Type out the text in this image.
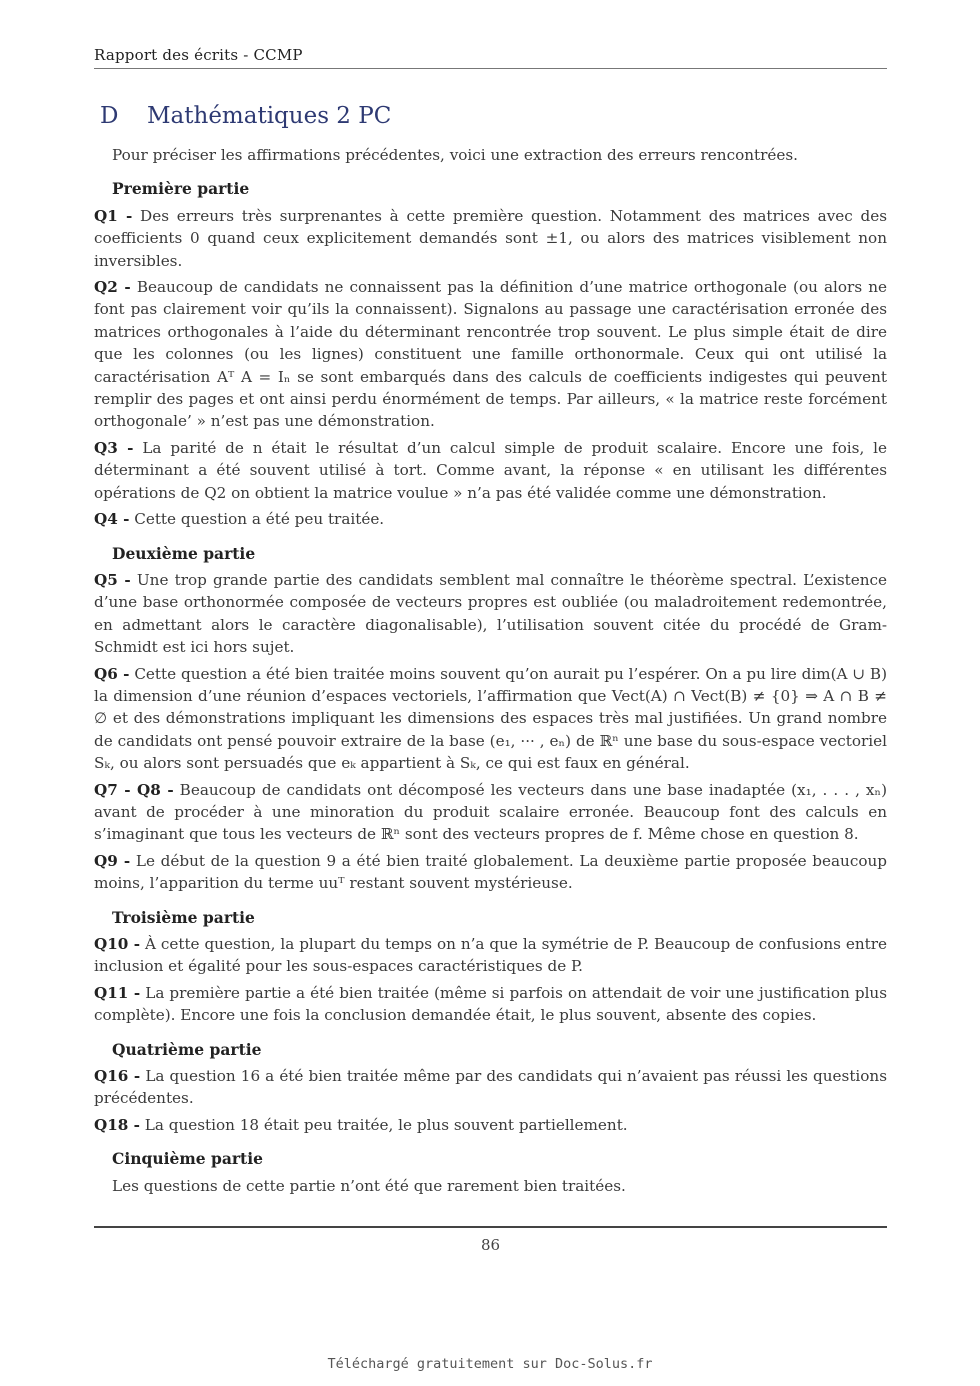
Rapport des écrits - CCMP
D Mathématiques 2 PC

Pour préciser les affirmations précédentes, voici une extraction des erreurs rencontrées.

Première partie

Q1 - Des erreurs très surprenantes à cette première question. Notamment des matrices avec des coefficients 0 quand ceux explicitement demandés sont ±1, ou alors des matrices visiblement non inversibles.

Q2 - Beaucoup de candidats ne connaissent pas la définition d’une matrice orthogonale (ou alors ne font pas clairement voir qu’ils la connaissent). Signalons au passage une caractérisation erronée des matrices orthogonales à l’aide du déterminant rencontrée trop souvent. Le plus simple était de dire que les colonnes (ou les lignes) constituent une famille orthonormale. Ceux qui ont utilisé la caractérisation Aᵀ A = Iₙ se sont embarqués dans des calculs de coefficients indigestes qui peuvent remplir des pages et ont ainsi perdu énormément de temps. Par ailleurs, « la matrice reste forcément orthogonale’ » n’est pas une démonstration.

Q3 - La parité de n était le résultat d’un calcul simple de produit scalaire. Encore une fois, le déterminant a été souvent utilisé à tort. Comme avant, la réponse « en utilisant les différentes opérations de Q2 on obtient la matrice voulue » n’a pas été validée comme une démonstration.

Q4 - Cette question a été peu traitée.

Deuxième partie

Q5 - Une trop grande partie des candidats semblent mal connaître le théorème spectral. L’existence d’une base orthonormée composée de vecteurs propres est oubliée (ou maladroitement redemontrée, en admettant alors le caractère diagonalisable), l’utilisation souvent citée du procédé de Gram-Schmidt est ici hors sujet.

Q6 - Cette question a été bien traitée moins souvent qu’on aurait pu l’espérer. On a pu lire dim(A ∪ B) la dimension d’une réunion d’espaces vectoriels, l’affirmation que Vect(A) ∩ Vect(B) ≠ {0} ⇒ A ∩ B ≠ ∅ et des démonstrations impliquant les dimensions des espaces très mal justifiées. Un grand nombre de candidats ont pensé pouvoir extraire de la base (e₁, ··· , eₙ) de ℝⁿ une base du sous-espace vectoriel Sₖ, ou alors sont persuadés que eₖ appartient à Sₖ, ce qui est faux en général.

Q7 - Q8 - Beaucoup de candidats ont décomposé les vecteurs dans une base inadaptée (x₁, . . . , xₙ) avant de procéder à une minoration du produit scalaire erronée. Beaucoup font des calculs en s’imaginant que tous les vecteurs de ℝⁿ sont des vecteurs propres de f. Même chose en question 8.

Q9 - Le début de la question 9 a été bien traité globalement. La deuxième partie proposée beaucoup moins, l’apparition du terme uuᵀ restant souvent mystérieuse.

Troisième partie

Q10 - À cette question, la plupart du temps on n’a que la symétrie de P. Beaucoup de confusions entre inclusion et égalité pour les sous-espaces caractéristiques de P.

Q11 - La première partie a été bien traitée (même si parfois on attendait de voir une justification plus complète). Encore une fois la conclusion demandée était, le plus souvent, absente des copies.

Quatrième partie

Q16 - La question 16 a été bien traitée même par des candidats qui n’avaient pas réussi les questions précédentes.

Q18 - La question 18 était peu traitée, le plus souvent partiellement.

Cinquième partie

Les questions de cette partie n’ont été que rarement bien traitées.

86
Téléchargé gratuitement sur Doc-Solus.fr
